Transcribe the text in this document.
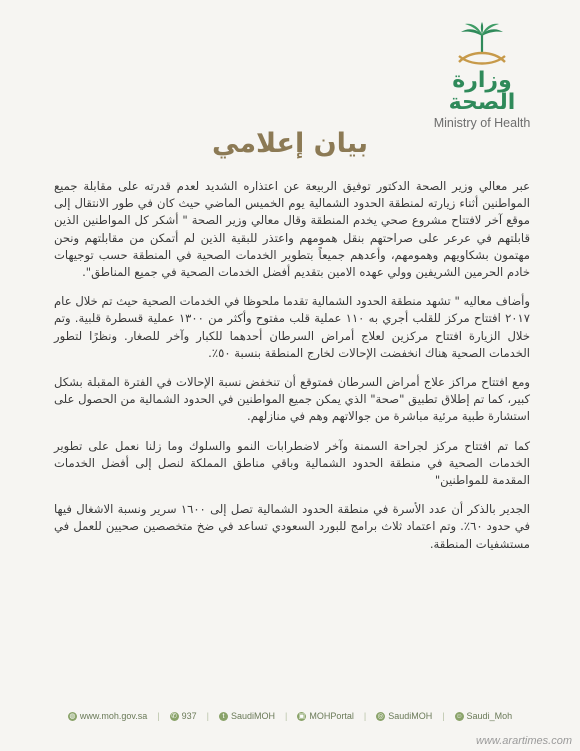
وزارة الصحة
Ministry of Health
بيان إعلامي

عبر معالي وزير الصحة الدكتور توفيق الربيعة عن اعتذاره الشديد لعدم قدرته على مقابلة جميع المواطنين أثناء زيارته لمنطقة الحدود الشمالية يوم الخميس الماضي حيث كان في طور الانتقال إلى موقع آخر لافتتاح مشروع صحي يخدم المنطقة وقال معالي وزير الصحة " أشكر كل المواطنين الذين قابلتهم في عرعر على صراحتهم بنقل همومهم واعتذر للبقية الذين لم أتمكن من مقابلتهم ونحن مهتمون بشكاويهم وهمومهم، وأعدهم جميعاً بتطوير الخدمات الصحية في المنطقة حسب توجيهات خادم الحرمين الشريفين وولي عهده الامين بتقديم أفضل الخدمات الصحية في جميع المناطق".

وأضاف معاليه " تشهد منطقة الحدود الشمالية تقدما ملحوظا في الخدمات الصحية حيث تم خلال عام ٢٠١٧ افتتاح مركز للقلب أجري به ١١٠ عملية قلب مفتوح وأكثر من ١٣٠٠ عملية قسطرة قلبية. وتم خلال الزيارة افتتاح مركزين لعلاج أمراض السرطان أحدهما للكبار وآخر للصغار. ونظرًا لتطور الخدمات الصحية هناك انخفضت الإحالات لخارج المنطقة بنسبة ٥٠٪.

ومع افتتاح مراكز علاج أمراض السرطان فمتوقع أن تنخفض نسبة الإحالات في الفترة المقبلة بشكل كبير، كما تم إطلاق تطبيق "صحة" الذي يمكن جميع المواطنين في الحدود الشمالية من الحصول على استشارة طبية مرئية مباشرة من جوالاتهم وهم في منازلهم.

كما تم افتتاح مركز لجراحة السمنة وآخر لاضطرابات النمو والسلوك وما زلنا نعمل على تطوير الخدمات الصحية في منطقة الحدود الشمالية وباقي مناطق المملكة لنصل إلى أفضل الخدمات المقدمة للمواطنين"

الجدير بالذكر أن عدد الأسرة في منطقة الحدود الشمالية تصل إلى ١٦٠٠ سرير ونسبة الاشغال فيها في حدود ٦٠٪. وتم اعتماد ثلاث برامج للبورد السعودي تساعد في ضخ متخصصين صحيين للعمل في مستشفيات المنطقة.

◍ www.moh.gov.sa | ✆ 937 |	t SaudiMOH | ▣ MOHPortal | ◎ SaudiMOH | ☺ Saudi_Moh
www.arartimes.com
